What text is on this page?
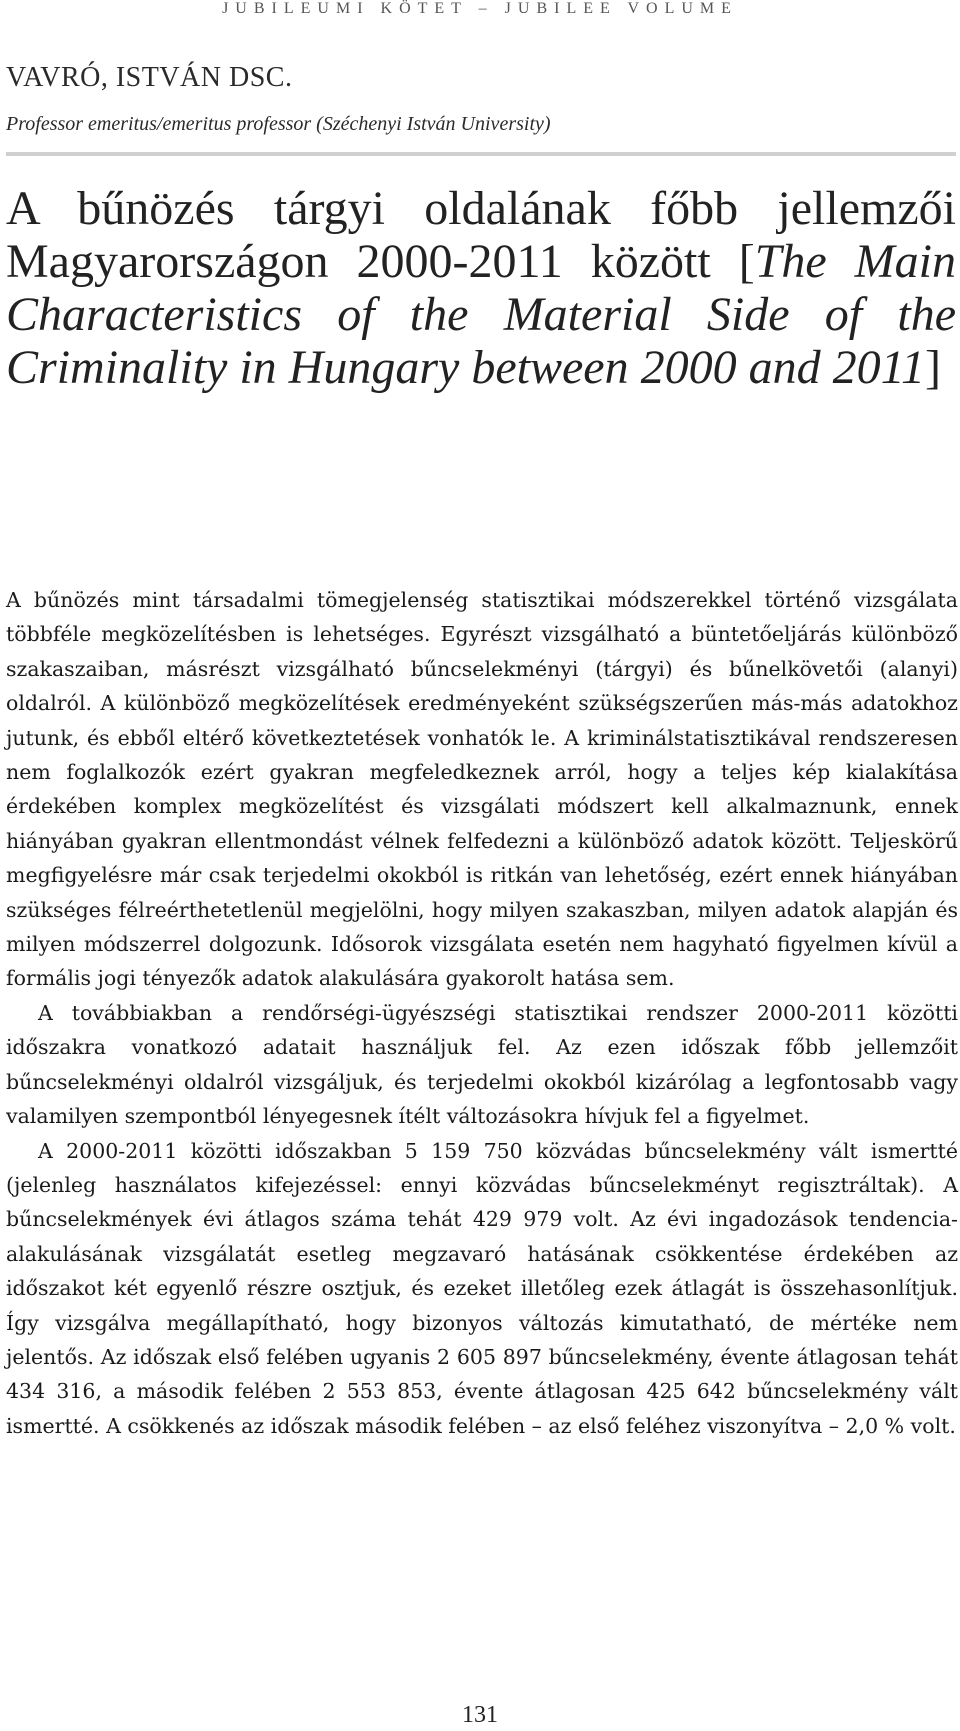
JUBILEUMI KÖTET – JUBILEE VOLUME
VAVRÓ, ISTVÁN DSC.
Professor emeritus/emeritus professor (Széchenyi István University)
A bűnözés tárgyi oldalának főbb jellemzői Magyarországon 2000-2011 között [The Main Characteristics of the Material Side of the Criminality in Hungary between 2000 and 2011]

A bűnözés mint társadalmi tömegjelenség statisztikai módszerekkel történő vizsgálata többféle megközelítésben is lehetséges. Egyrészt vizsgálható a büntetőeljárás különböző szakaszaiban, másrészt vizsgálható bűncselekményi (tárgyi) és bűnelkövetői (alanyi) oldalról. A különböző megközelítések eredményeként szükségszerűen más-más adatokhoz jutunk, és ebből eltérő következtetések vonhatók le. A kriminálstatisztikával rendszeresen nem foglalkozók ezért gyakran megfeledkeznek arról, hogy a teljes kép kialakítása érdekében komplex megközelítést és vizsgálati módszert kell alkalmaznunk, ennek hiányában gyakran ellentmondást vélnek felfedezni a különböző adatok között. Teljeskörű megfigyelésre már csak terjedelmi okokból is ritkán van lehetőség, ezért ennek hiányában szükséges félreérthetetlenül megjelölni, hogy milyen szakaszban, milyen adatok alapján és milyen módszerrel dolgozunk. Idősorok vizsgálata esetén nem hagyható figyelmen kívül a formális jogi tényezők adatok alakulására gyakorolt hatása sem.

A továbbiakban a rendőrségi-ügyészségi statisztikai rendszer 2000-2011 közötti időszakra vonatkozó adatait használjuk fel. Az ezen időszak főbb jellemzőit bűncselekményi oldalról vizsgáljuk, és terjedelmi okokból kizárólag a legfontosabb vagy valamilyen szempontból lényegesnek ítélt változásokra hívjuk fel a figyelmet.

A 2000-2011 közötti időszakban 5 159 750 közvádas bűncselekmény vált ismertté (jelenleg használatos kifejezéssel: ennyi közvádas bűncselekményt regisztráltak). A bűncselekmények évi átlagos száma tehát 429 979 volt. Az évi ingadozások tendencia-alakulásának vizsgálatát esetleg megzavaró hatásának csökkentése érdekében az időszakot két egyenlő részre osztjuk, és ezeket illetőleg ezek átlagát is összehasonlítjuk. Így vizsgálva megállapítható, hogy bizonyos változás kimutatható, de mértéke nem jelentős. Az időszak első felében ugyanis 2 605 897 bűncselekmény, évente átlagosan tehát 434 316, a második felében 2 553 853, évente átlagosan 425 642 bűncselekmény vált ismertté. A csökkenés az időszak második felében – az első feléhez viszonyítva – 2,0 % volt.

131
